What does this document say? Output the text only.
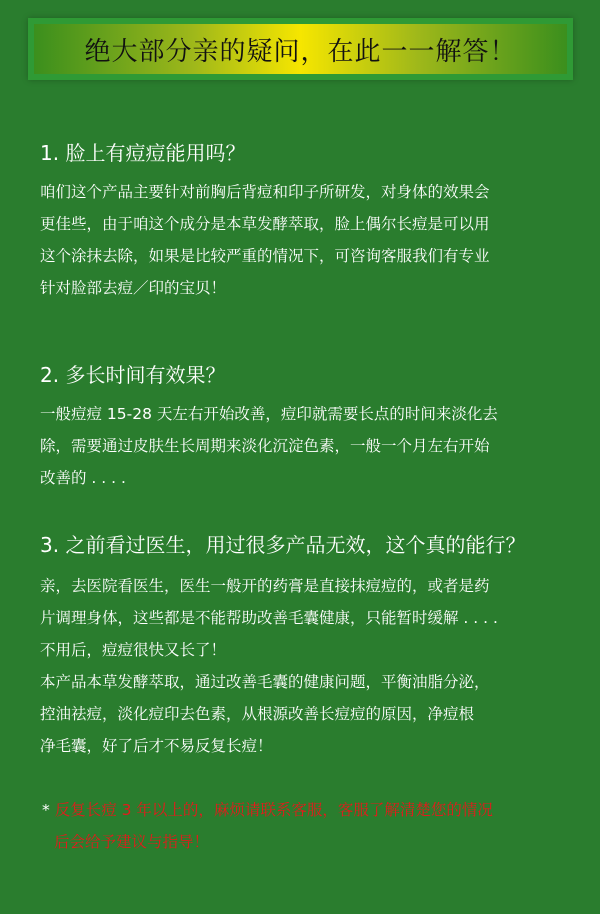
绝大部分亲的疑问，在此一一解答！

1. 脸上有痘痘能用吗？

咱们这个产品主要针对前胸后背痘和印子所研发，对身体的效果会
更佳些，由于咱这个成分是本草发酵萃取，脸上偶尔长痘是可以用
这个涂抹去除，如果是比较严重的情况下，可咨询客服我们有专业
针对脸部去痘／印的宝贝！

2. 多长时间有效果？

一般痘痘 15-28 天左右开始改善，痘印就需要长点的时间来淡化去
除，需要通过皮肤生长周期来淡化沉淀色素，一般一个月左右开始
改善的 . . . .

3. 之前看过医生，用过很多产品无效，这个真的能行？

亲，去医院看医生，医生一般开的药膏是直接抹痘痘的，或者是药
片调理身体，这些都是不能帮助改善毛囊健康，只能暂时缓解 . . . .
不用后，痘痘很快又长了！
本产品本草发酵萃取，通过改善毛囊的健康问题，平衡油脂分泌，
控油祛痘，淡化痘印去色素，从根源改善长痘痘的原因，净痘根
净毛囊，好了后才不易反复长痘！

* 反复长痘 3 年以上的，麻烦请联系客服，客服了解清楚您的情况
后会给予建议与指导！
